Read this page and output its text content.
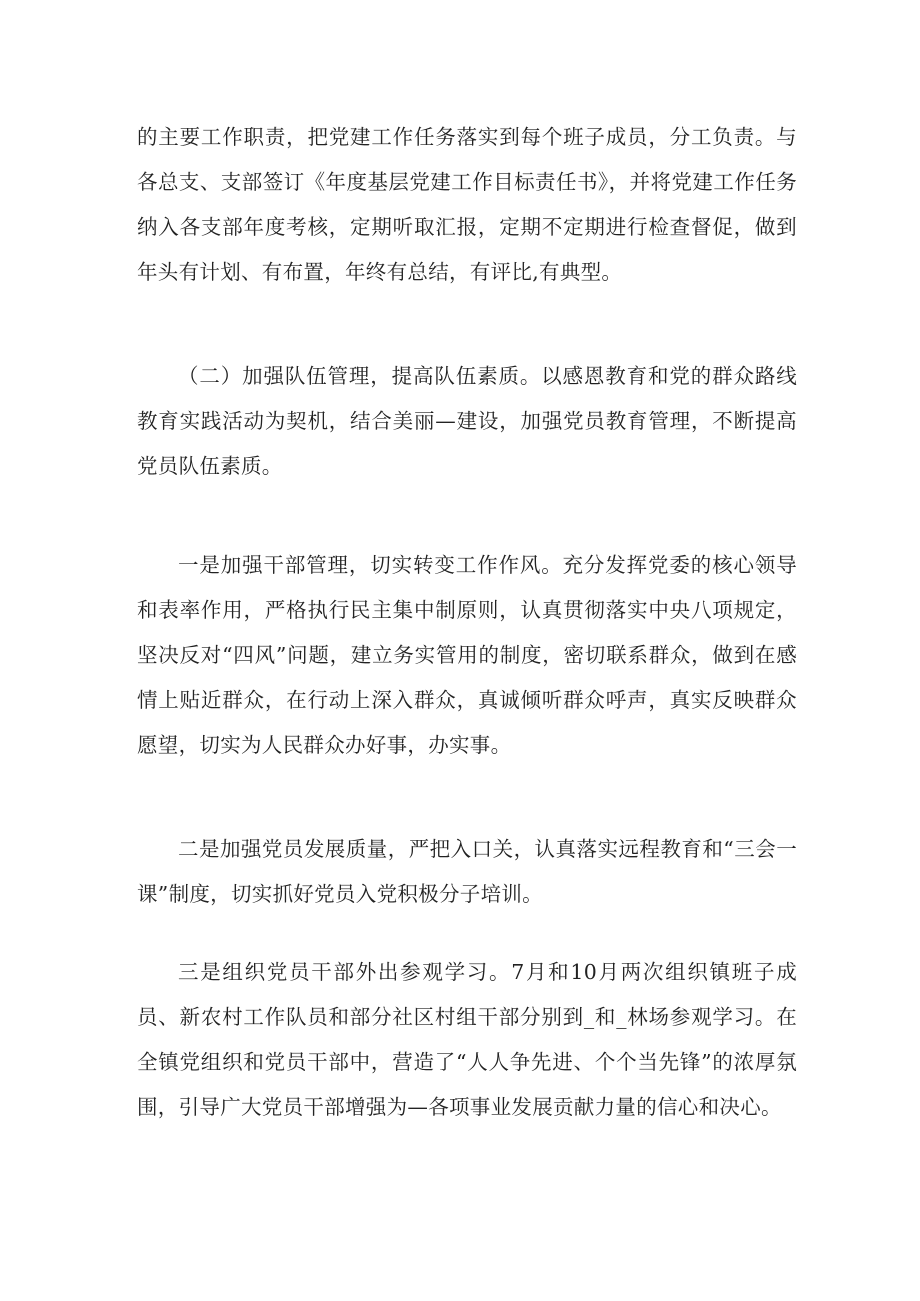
的主要工作职责，把党建工作任务落实到每个班子成员，分工负责。与各总支、支部签订《年度基层党建工作目标责任书》，并将党建工作任务纳入各支部年度考核，定期听取汇报，定期不定期进行检查督促，做到年头有计划、有布置，年终有总结，有评比,有典型。

（二）加强队伍管理，提高队伍素质。以感恩教育和党的群众路线教育实践活动为契机，结合美丽—建设，加强党员教育管理，不断提高党员队伍素质。

一是加强干部管理，切实转变工作作风。充分发挥党委的核心领导和表率作用，严格执行民主集中制原则，认真贯彻落实中央八项规定，坚决反对“四风”问题，建立务实管用的制度，密切联系群众，做到在感情上贴近群众，在行动上深入群众，真诚倾听群众呼声，真实反映群众愿望，切实为人民群众办好事，办实事。

二是加强党员发展质量，严把入口关，认真落实远程教育和“三会一课”制度，切实抓好党员入党积极分子培训。

三是组织党员干部外出参观学习。7月和10月两次组织镇班子成员、新农村工作队员和部分社区村组干部分别到_和_林场参观学习。在全镇党组织和党员干部中，营造了“人人争先进、个个当先锋”的浓厚氛围，引导广大党员干部增强为—各项事业发展贡献力量的信心和决心。
